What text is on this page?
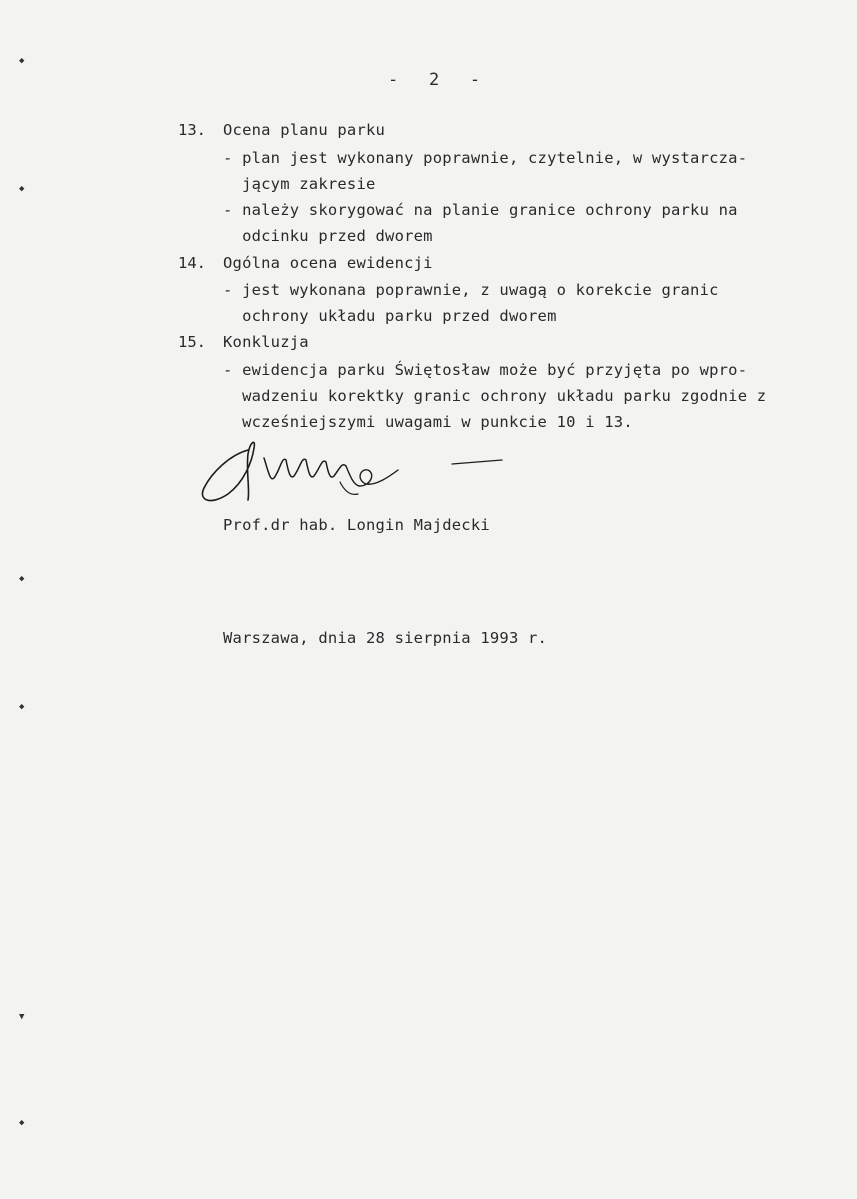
◆
◆
◆
◆
▼
◆
-   2   -
13. Ocena planu parku
- plan jest wykonany poprawnie, czytelnie, w wystarcza-
jącym zakresie
- należy skorygować na planie granice ochrony parku na
odcinku przed dworem
14. Ogólna ocena ewidencji
- jest wykonana poprawnie, z uwagą o korekcie granic
ochrony układu parku przed dworem
15. Konkluzja
- ewidencja parku Świętosław może być przyjęta po wpro-
wadzeniu korektky granic ochrony układu parku zgodnie z
wcześniejszymi uwagami w punkcie 10 i 13.
Prof.dr hab. Longin Majdecki
Warszawa, dnia 28 sierpnia 1993 r.
